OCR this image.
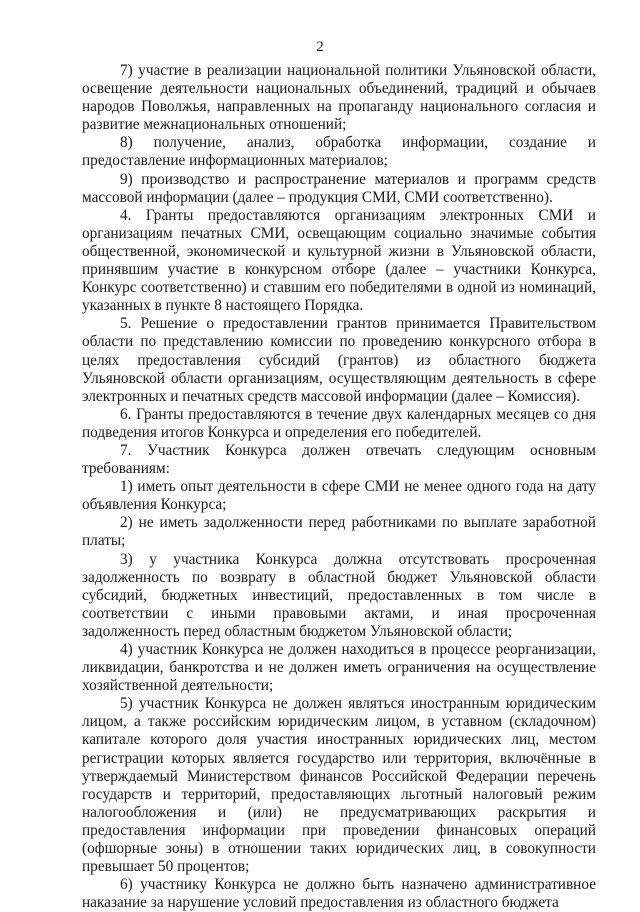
2

7) участие в реализации национальной политики Ульяновской области, освещение деятельности национальных объединений, традиций и обычаев народов Поволжья, направленных на пропаганду национального согласия и развитие межнациональных отношений;

8) получение, анализ, обработка информации, создание и предоставление информационных материалов;

9) производство и распространение материалов и программ средств массовой информации (далее – продукция СМИ, СМИ соответственно).

4. Гранты предоставляются организациям электронных СМИ и организациям печатных СМИ, освещающим социально значимые события общественной, экономической и культурной жизни в Ульяновской области, принявшим участие в конкурсном отборе (далее – участники Конкурса, Конкурс соответственно) и ставшим его победителями в одной из номинаций, указанных в пункте 8 настоящего Порядка.

5. Решение о предоставлении грантов принимается Правительством области по представлению комиссии по проведению конкурсного отбора в целях предоставления субсидий (грантов) из областного бюджета Ульяновской области организациям, осуществляющим деятельность в сфере электронных и печатных средств массовой информации (далее – Комиссия).

6. Гранты предоставляются в течение двух календарных месяцев со дня подведения итогов Конкурса и определения его победителей.

7. Участник Конкурса должен отвечать следующим основным требованиям:

1) иметь опыт деятельности в сфере СМИ не менее одного года на дату объявления Конкурса;

2) не иметь задолженности перед работниками по выплате заработной платы;

3) у участника Конкурса должна отсутствовать просроченная задолженность по возврату в областной бюджет Ульяновской области субсидий, бюджетных инвестиций, предоставленных в том числе в соответствии с иными правовыми актами, и иная просроченная задолженность перед областным бюджетом Ульяновской области;

4) участник Конкурса не должен находиться в процессе реорганизации, ликвидации, банкротства и не должен иметь ограничения на осуществление хозяйственной деятельности;

5) участник Конкурса не должен являться иностранным юридическим лицом, а также российским юридическим лицом, в уставном (складочном) капитале которого доля участия иностранных юридических лиц, местом регистрации которых является государство или территория, включённые в утверждаемый Министерством финансов Российской Федерации перечень государств и территорий, предоставляющих льготный налоговый режим налогообложения и (или) не предусматривающих раскрытия и предоставления информации при проведении финансовых операций (офшорные зоны) в отношении таких юридических лиц, в совокупности превышает 50 процентов;

6) участнику Конкурса не должно быть назначено административное наказание за нарушение условий предоставления из областного бюджета
